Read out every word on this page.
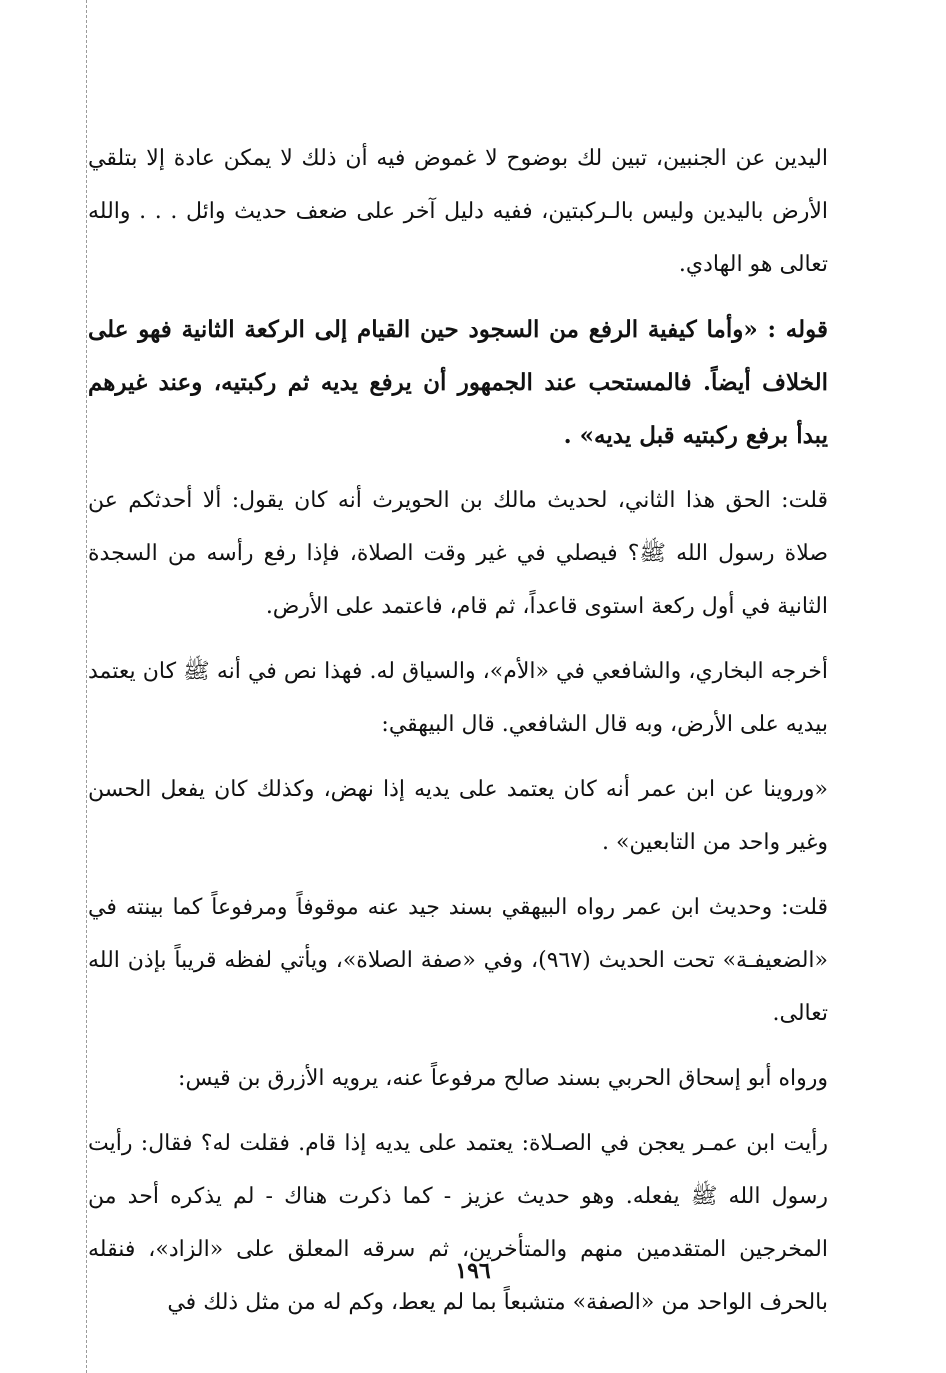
اليدين عن الجنبين، تبين لك بوضوح لا غموض فيه أن ذلك لا يمكن عادة إلا بتلقي الأرض باليدين وليس بالـركبتين، ففيه دليل آخر على ضعف حديث وائل . . . والله تعالى هو الهادي.

قوله : «وأما كيفية الرفع من السجود حين القيام إلى الركعة الثانية فهو على الخلاف أيضاً. فالمستحب عند الجمهور أن يرفع يديه ثم ركبتيه، وعند غيرهم يبدأ برفع ركبتيه قبل يديه» .

قلت: الحق هذا الثاني، لحديث مالك بن الحويرث أنه كان يقول: ألا أحدثكم عن صلاة رسول الله ﷺ؟ فيصلي في غير وقت الصلاة، فإذا رفع رأسه من السجدة الثانية في أول ركعة استوى قاعداً، ثم قام، فاعتمد على الأرض.

أخرجه البخاري، والشافعي في «الأم»، والسياق له. فهذا نص في أنه ﷺ كان يعتمد بيديه على الأرض، وبه قال الشافعي. قال البيهقي:

«وروينا عن ابن عمر أنه كان يعتمد على يديه إذا نهض، وكذلك كان يفعل الحسن وغير واحد من التابعين» .

قلت: وحديث ابن عمر رواه البيهقي بسند جيد عنه موقوفاً ومرفوعاً كما بينته في «الضعيفـة» تحت الحديث (٩٦٧)، وفي «صفة الصلاة»، ويأتي لفظه قريباً بإذن الله تعالى.

ورواه أبو إسحاق الحربي بسند صالح مرفوعاً عنه، يرويه الأزرق بن قيس:

رأيت ابن عمـر يعجن في الصـلاة: يعتمد على يديه إذا قام. فقلت له؟ فقال: رأيت رسول الله ﷺ يفعله. وهو حديث عزيز - كما ذكرت هناك - لم يذكره أحد من المخرجين المتقدمين منهم والمتأخرين، ثم سرقه المعلق على «الزاد»، فنقله بالحرف الواحد من «الصفة» متشبعاً بما لم يعط، وكم له من مثل ذلك في

١٩٦
